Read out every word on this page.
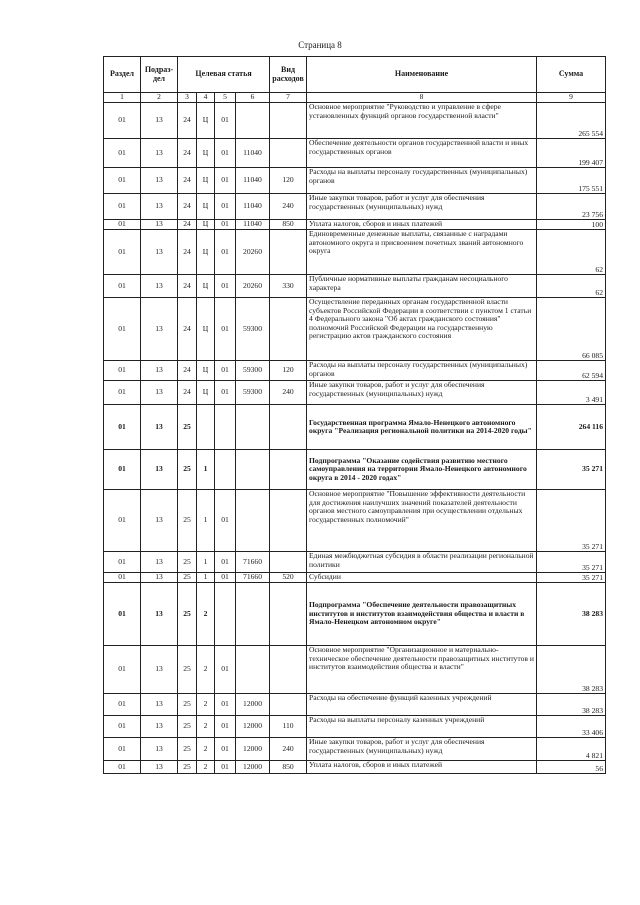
Страница 8
Раздел	Подраз-дел	Целевая статья				Вид расходов	Наименование	Сумма
1	2	3	4	5	6	7	8	9
01	13	24	Ц	01			Основное мероприятие "Руководство и управление в сфере установленных функций органов государственной власти"	265 554
01	13	24	Ц	01	11040		Обеспечение деятельности органов государственной власти и иных государственных органов	199 407
01	13	24	Ц	01	11040	120	Расходы на выплаты персоналу государственных (муниципальных) органов	175 551
01	13	24	Ц	01	11040	240	Иные закупки товаров, работ и услуг для обеспечения государственных (муниципальных) нужд	23 756
01	13	24	Ц	01	11040	850	Уплата налогов, сборов и иных платежей	100
01	13	24	Ц	01	20260		Единовременные денежные выплаты, связанные с наградами автономного округа и присвоением почетных званий автономного округа	62
01	13	24	Ц	01	20260	330	Публичные нормативные выплаты гражданам несоциального характера	62
01	13	24	Ц	01	59300		Осуществление переданных органам государственной власти субъектов Российской Федерации в соответствии с пунктом 1 статьи 4 Федерального закона "Об актах гражданского состояния" полномочий Российской Федерации на государственную регистрацию актов гражданского состояния	66 085
01	13	24	Ц	01	59300	120	Расходы на выплаты персоналу государственных (муниципальных) органов	62 594
01	13	24	Ц	01	59300	240	Иные закупки товаров, работ и услуг для обеспечения государственных (муниципальных) нужд	3 491
01	13	25					Государственная программа Ямало-Ненецкого автономного округа "Реализация региональной политики на 2014-2020 годы"	264 116
01	13	25	1				Подпрограмма "Оказание содействия развитию местного самоуправления на территории Ямало-Ненецкого автономного округа в 2014 - 2020 годах"	35 271
01	13	25	1	01			Основное мероприятие "Повышение эффективности деятельности для достижения наилучших значений показателей деятельности органов местного самоуправления при осуществлении отдельных государственных полномочий"	35 271
01	13	25	1	01	71660		Единая межбюджетная субсидия в области реализации региональной политики	35 271
01	13	25	1	01	71660	520	Субсидии	35 271
01	13	25	2				Подпрограмма "Обеспечение деятельности правозащитных институтов и институтов взаимодействия общества и власти в Ямало-Ненецком автономном округе"	38 283
01	13	25	2	01			Основное мероприятие "Организационное и материально-техническое обеспечение деятельности правозащитных институтов и институтов взаимодействия общества и власти"	38 283
01	13	25	2	01	12000		Расходы на обеспечение функций казенных учреждений	38 283
01	13	25	2	01	12000	110	Расходы на выплаты персоналу казенных учреждений	33 406
01	13	25	2	01	12000	240	Иные закупки товаров, работ и услуг для обеспечения государственных (муниципальных) нужд	4 821
01	13	25	2	01	12000	850	Уплата налогов, сборов и иных платежей	56
